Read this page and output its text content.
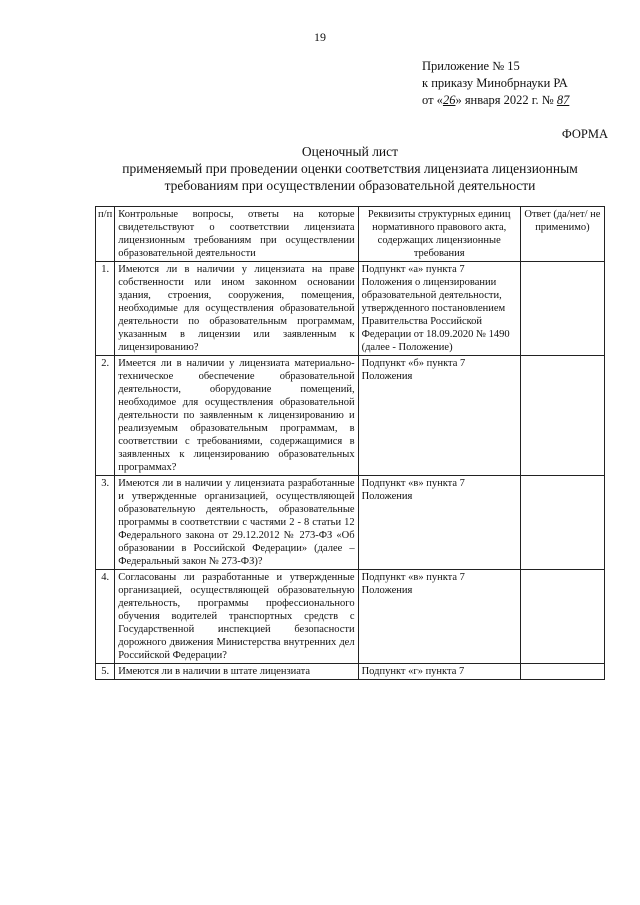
19
Приложение № 15
к приказу Минобрнауки РА
от «26» января 2022 г. № 87
ФОРМА
Оценочный лист
применяемый при проведении оценки соответствия лицензиата лицензионным
требованиям при осуществлении образовательной деятельности
п/п	Контрольные вопросы, ответы на которые свидетельствуют о соответствии лицензиата лицензионным требованиям при осуществлении образовательной деятельности	Реквизиты структурных единиц нормативного правового акта, содержащих лицензионные требования	Ответ (да/нет/ не применимо)
1.	Имеются ли в наличии у лицензиата на праве собственности или ином законном основании здания, строения, сооружения, помещения, необходимые для осуществления образовательной деятельности по образовательным программам, указанным в лицензии или заявленным к лицензированию?	Подпункт «а» пункта 7 Положения о лицензировании образовательной деятельности, утвержденного постановлением Правительства Российской Федерации от 18.09.2020 № 1490 (далее - Положение)	
2.	Имеется ли в наличии у лицензиата материально-техническое обеспечение образовательной деятельности, оборудование помещений, необходимое для осуществления образовательной деятельности по заявленным к лицензированию и реализуемым образовательным программам, в соответствии с требованиями, содержащимися в заявленных к лицензированию образовательных программах?	Подпункт «б» пункта 7 Положения	
3.	Имеются ли в наличии у лицензиата разработанные и утвержденные организацией, осуществляющей образовательную деятельность, образовательные программы в соответствии с частями 2 - 8 статьи 12 Федерального закона от 29.12.2012 № 273-ФЗ «Об образовании в Российской Федерации» (далее – Федеральный закон № 273-ФЗ)?	Подпункт «в» пункта 7 Положения	
4.	Согласованы ли разработанные и утвержденные организацией, осуществляющей образовательную деятельность, программы профессионального обучения водителей транспортных средств с Государственной инспекцией безопасности дорожного движения Министерства внутренних дел Российской Федерации?	Подпункт «в» пункта 7 Положения	
5.	Имеются ли в наличии в штате лицензиата	Подпункт «г» пункта 7	
